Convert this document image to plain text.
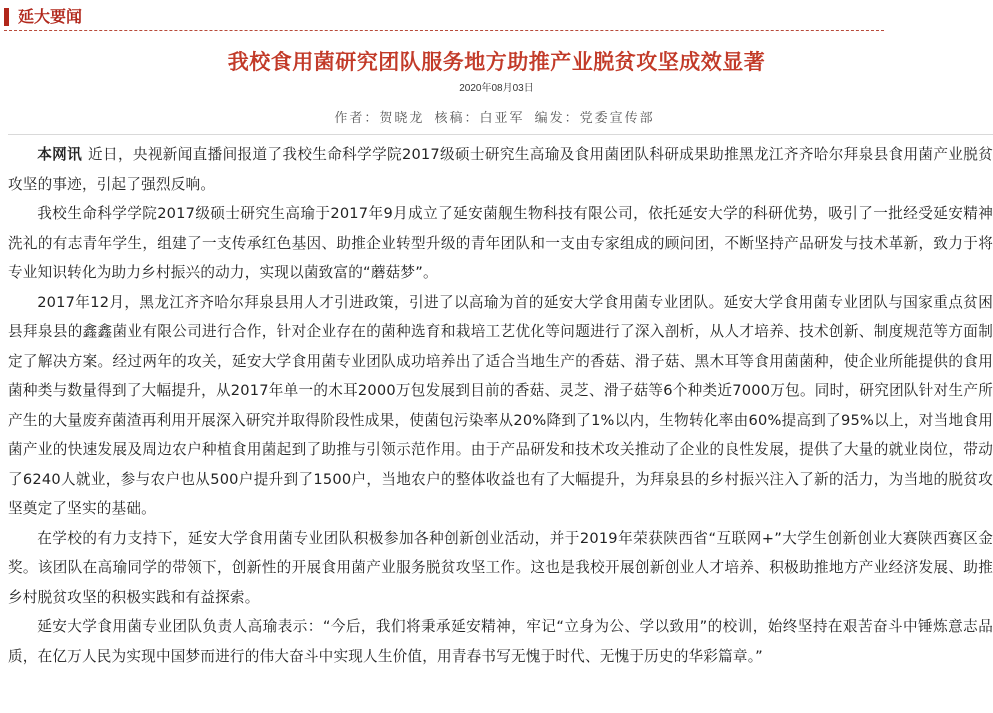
延大要闻
我校食用菌研究团队服务地方助推产业脱贫攻坚成效显著
2020年08月03日
作者：贺晓龙 核稿：白亚军 编发：党委宣传部

本网讯 近日，央视新闻直播间报道了我校生命科学学院2017级硕士研究生高瑜及食用菌团队科研成果助推黑龙江齐齐哈尔拜泉县食用菌产业脱贫攻坚的事迹，引起了强烈反响。

我校生命科学学院2017级硕士研究生高瑜于2017年9月成立了延安菌舰生物科技有限公司，依托延安大学的科研优势，吸引了一批经受延安精神洗礼的有志青年学生，组建了一支传承红色基因、助推企业转型升级的青年团队和一支由专家组成的顾问团，不断坚持产品研发与技术革新，致力于将专业知识转化为助力乡村振兴的动力，实现以菌致富的“蘑菇梦”。

2017年12月，黑龙江齐齐哈尔拜泉县用人才引进政策，引进了以高瑜为首的延安大学食用菌专业团队。延安大学食用菌专业团队与国家重点贫困县拜泉县的鑫鑫菌业有限公司进行合作，针对企业存在的菌种选育和栽培工艺优化等问题进行了深入剖析，从人才培养、技术创新、制度规范等方面制定了解决方案。经过两年的攻关，延安大学食用菌专业团队成功培养出了适合当地生产的香菇、滑子菇、黑木耳等食用菌菌种，使企业所能提供的食用菌种类与数量得到了大幅提升，从2017年单一的木耳2000万包发展到目前的香菇、灵芝、滑子菇等6个种类近7000万包。同时，研究团队针对生产所产生的大量废弃菌渣再利用开展深入研究并取得阶段性成果，使菌包污染率从20%降到了1%以内，生物转化率由60%提高到了95%以上，对当地食用菌产业的快速发展及周边农户种植食用菌起到了助推与引领示范作用。由于产品研发和技术攻关推动了企业的良性发展，提供了大量的就业岗位，带动了6240人就业，参与农户也从500户提升到了1500户，当地农户的整体收益也有了大幅提升，为拜泉县的乡村振兴注入了新的活力，为当地的脱贫攻坚奠定了坚实的基础。

在学校的有力支持下，延安大学食用菌专业团队积极参加各种创新创业活动，并于2019年荣获陕西省“互联网+”大学生创新创业大赛陕西赛区金奖。该团队在高瑜同学的带领下，创新性的开展食用菌产业服务脱贫攻坚工作。这也是我校开展创新创业人才培养、积极助推地方产业经济发展、助推乡村脱贫攻坚的积极实践和有益探索。

延安大学食用菌专业团队负责人高瑜表示：“今后，我们将秉承延安精神，牢记“立身为公、学以致用”的校训，始终坚持在艰苦奋斗中锤炼意志品质，在亿万人民为实现中国梦而进行的伟大奋斗中实现人生价值，用青春书写无愧于时代、无愧于历史的华彩篇章。”
